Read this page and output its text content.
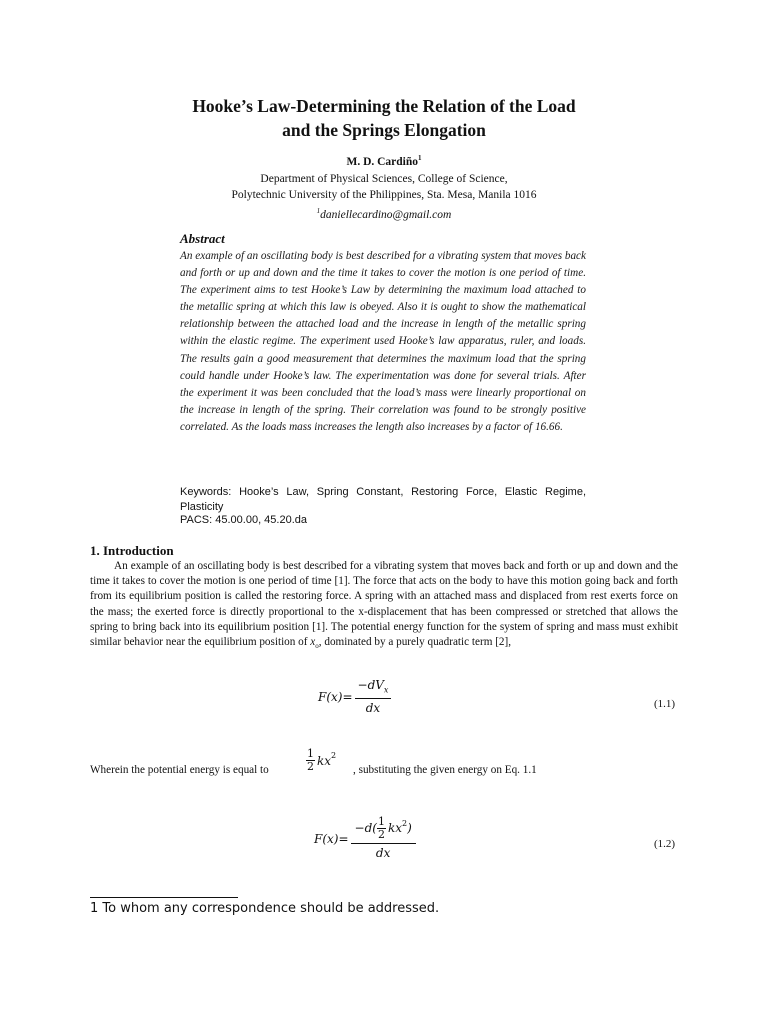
Hooke’s Law-Determining the Relation of the Load
and the Springs Elongation
M. D. Cardiño$^1$
Department of Physical Sciences, College of Science,
Polytechnic University of the Philippines, Sta. Mesa, Manila 1016
$^1$daniellecardino@gmail.com
Abstract
An example of an oscillating body is best described for a vibrating system that moves back and forth or up and down and the time it takes to cover the motion is one period of time. The experiment aims to test Hooke’s Law by determining the maximum load attached to the metallic spring at which this law is obeyed. Also it is ought to show the mathematical relationship between the attached load and the increase in length of the metallic spring within the elastic regime. The experiment used Hooke’s law apparatus, ruler, and loads. The results gain a good measurement that determines the maximum load that the spring could handle under Hooke’s law. The experimentation was done for several trials. After the experiment it was been concluded that the load’s mass were linearly proportional on the increase in length of the spring. Their correlation was found to be strongly positive correlated. As the loads mass increases the length also increases by a factor of 16.66.
Keywords: Hooke’s Law, Spring Constant, Restoring Force, Elastic Regime, Plasticity
PACS: 45.00.00, 45.20.da
1. Introduction
An example of an oscillating body is best described for a vibrating system that moves back and forth or up and down and the time it takes to cover the motion is one period of time [1]. The force that acts on the body to have this motion going back and forth from its equilibrium position is called the restoring force. A spring with an attached mass and displaced from rest exerts force on the mass; the exerted force is directly proportional to the x-displacement that has been compressed or stretched that allows the spring to bring back into its equilibrium position [1]. The potential energy function for the system of spring and mass must exhibit similar behavior near the equilibrium position of $x_o$, dominated by a purely quadratic term [2],
$F(x)= \frac{-dV_x}{dx}$	(1.1)
Wherein the potential energy is equal to	$\frac{1}{2} kx^2$
, substituting the given energy on Eq. 1.1
$F(x)= \frac{-d( \frac{1}{2} kx^2 )}{dx}$	(1.2)
1 To whom any correspondence should be addressed.
